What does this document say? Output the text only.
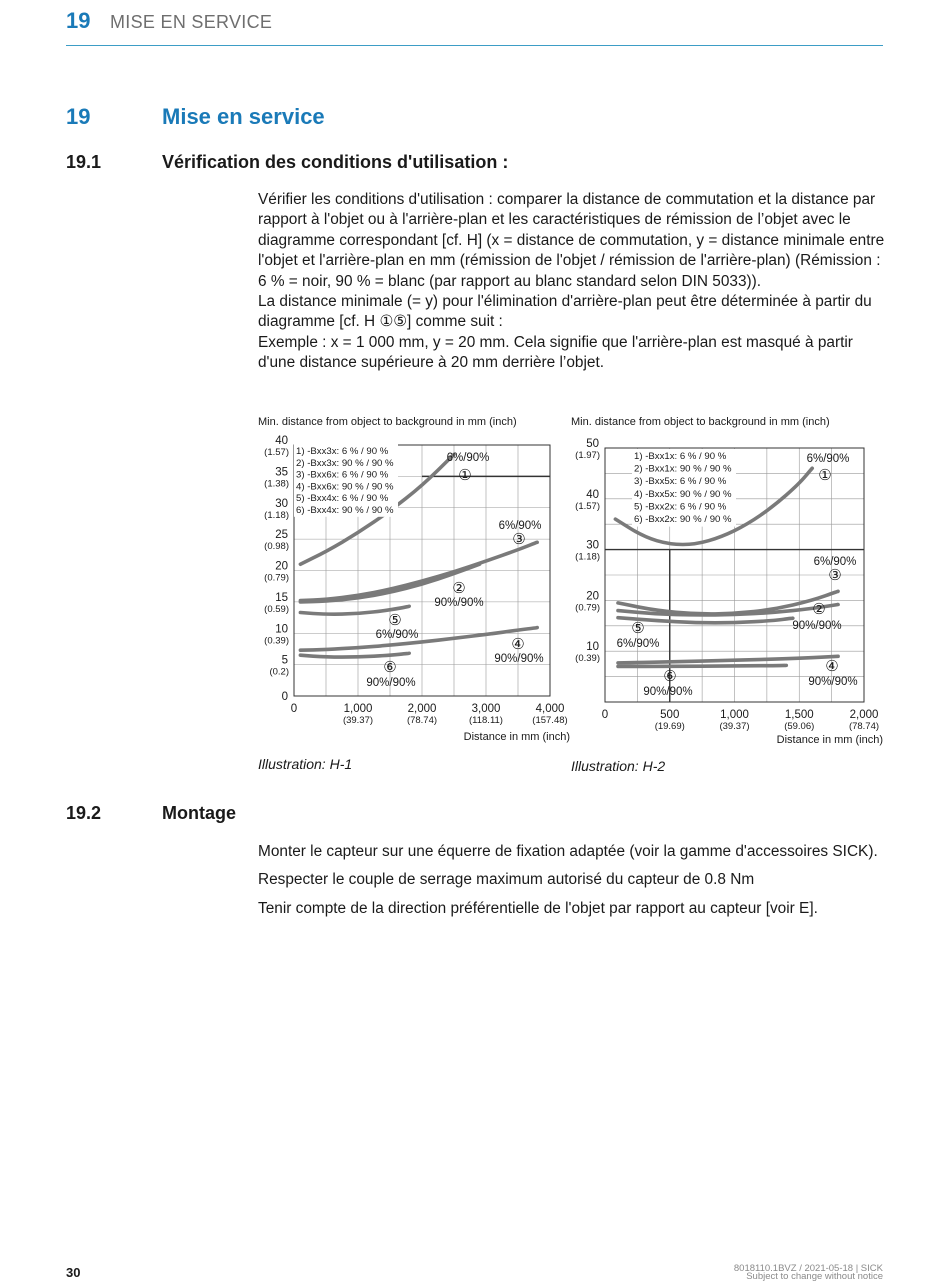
19 MISE EN SERVICE
19	Mise en service
19.1	Vérification des conditions d'utilisation :

Vérifier les conditions d'utilisation : comparer la distance de commutation et la distance par rapport à l'objet ou à l'arrière-plan et les caractéristiques de rémission de l’objet avec le diagramme correspondant [cf. H] (x = distance de commutation, y = distance minimale entre l'objet et l'arrière-plan en mm (rémission de l'objet / rémission de l'arrière-plan) (Rémission : 6 % = noir, 90 % = blanc (par rapport au blanc standard selon DIN 5033)).

La distance minimale (= y) pour l'élimination d'arrière-plan peut être déterminée à partir du diagramme [cf. H ①⑤] comme suit :

Exemple : x = 1 000 mm, y = 20 mm. Cela signifie que l'arrière-plan est masqué à partir d'une distance supérieure à 20 mm derrière l’objet.

Min. distance from object to background in mm (inch)
Distance in mm (inch)
0
5
(0.2)
10
(0.39)
15
(0.59)
20
(0.79)
25
(0.98)
30
(1.18)
35
(1.38)
40
(1.57)
0	1,000
(39.37)
2,000
(78.74)
3,000
(118.11)
4,000
(157.48)
1) -Bxx3x: 6 % / 90 %
2) -Bxx3x: 90 % / 90 %
3) -Bxx6x: 6 % / 90 %
4) -Bxx6x: 90 % / 90 %
5) -Bxx4x: 6 % / 90 %
6) -Bxx4x: 90 % / 90 %
①
6%/90%
②
90%/90%
③
6%/90%
④
90%/90%
⑤
6%/90%
⑥
90%/90%
Min. distance from object to background in mm (inch)
Distance in mm (inch)
10
(0.39)
20
(0.79)
30
(1.18)
40
(1.57)
50
(1.97)
0	500
(19.69)
1,000
(39.37)
1,500
(59.06)
2,000
(78.74)
1) -Bxx1x: 6 % / 90 %
2) -Bxx1x: 90 % / 90 %
3) -Bxx5x: 6 % / 90 %
4) -Bxx5x: 90 % / 90 %
5) -Bxx2x: 6 % / 90 %
6) -Bxx2x: 90 % / 90 %
①
6%/90%
②
90%/90%
③
6%/90%
④
90%/90%
⑤
6%/90%
⑥
90%/90%
Illustration: H-1	Illustration: H-2
19.2	Montage

Monter le capteur sur une équerre de fixation adaptée (voir la gamme d'accessoires SICK).

Respecter le couple de serrage maximum autorisé du capteur de 0.8 Nm

Tenir compte de la direction préférentielle de l'objet par rapport au capteur [voir E].

30	8018110.1BVZ / 2021-05-18 | SICK
Subject to change without notice
